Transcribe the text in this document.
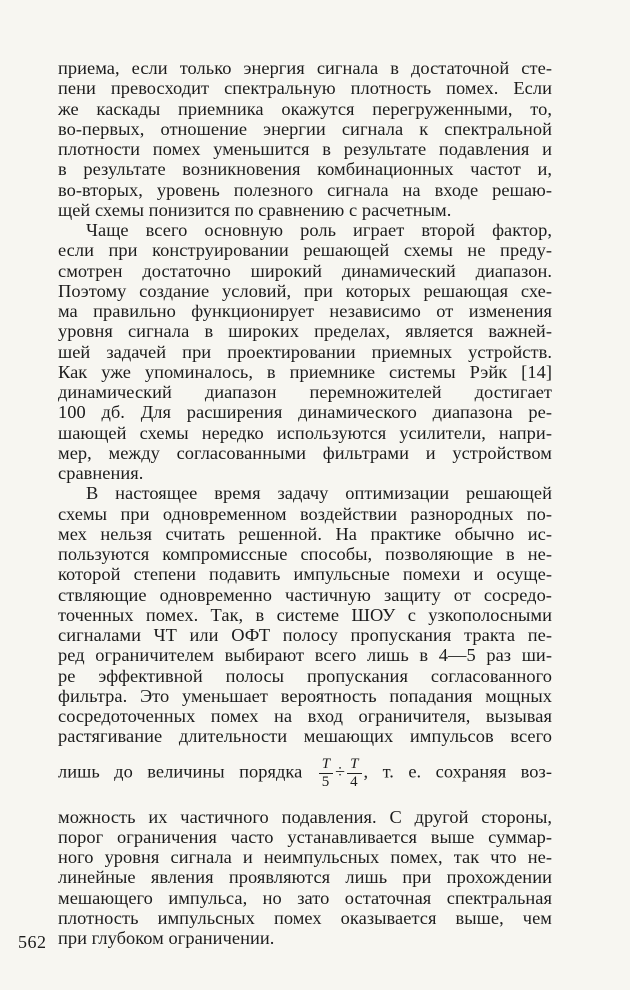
приема, если только энергия сигнала в достаточной сте-
пени превосходит спектральную плотность помех. Если
же каскады приемника окажутся перегруженными, то,
во-первых, отношение энергии сигнала к спектральной
плотности помех уменьшится в результате подавления и
в результате возникновения комбинационных частот и,
во-вторых, уровень полезного сигнала на входе решаю-
щей схемы понизится по сравнению с расчетным.
Чаще всего основную роль играет второй фактор,
если при конструировании решающей схемы не преду-
смотрен достаточно широкий динамический диапазон.
Поэтому создание условий, при которых решающая схе-
ма правильно функционирует независимо от изменения
уровня сигнала в широких пределах, является важней-
шей задачей при проектировании приемных устройств.
Как уже упоминалось, в приемнике системы Рэйк [14]
динамический диапазон перемножителей достигает
100 дб. Для расширения динамического диапазона ре-
шающей схемы нередко используются усилители, напри-
мер, между согласованными фильтрами и устройством
сравнения.
В настоящее время задачу оптимизации решающей
схемы при одновременном воздействии разнородных по-
мех нельзя считать решенной. На практике обычно ис-
пользуются компромиссные способы, позволяющие в не-
которой степени подавить импульсные помехи и осуще-
ствляющие одновременно частичную защиту от сосредо-
точенных помех. Так, в системе ШОУ с узкополосными
сигналами ЧТ или ОФТ полосу пропускания тракта пе-
ред ограничителем выбирают всего лишь в 4—5 раз ши-
ре эффективной полосы пропускания согласованного
фильтра. Это уменьшает вероятность попадания мощных
сосредоточенных помех на вход ограничителя, вызывая
растягивание длительности мешающих импульсов всего
лишь до величины порядка $\frac{T}{5} \div \frac{T}{4}$ , т. е. сохраняя воз-
можность их частичного подавления. С другой стороны,
порог ограничения часто устанавливается выше суммар-
ного уровня сигнала и неимпульсных помех, так что не-
линейные явления проявляются лишь при прохождении
мешающего импульса, но зато остаточная спектральная
плотность импульсных помех оказывается выше, чем
при глубоком ограничении.
562
